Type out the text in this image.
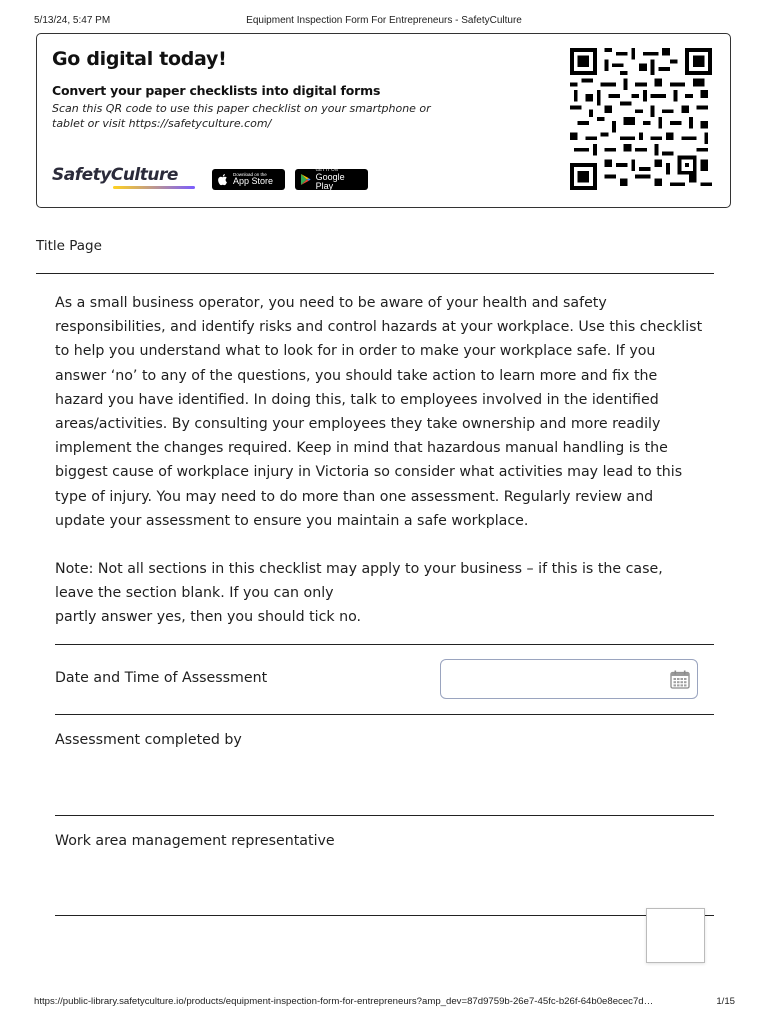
5/13/24, 5:47 PM	Equipment Inspection Form For Entrepreneurs - SafetyCulture
Go digital today!
Convert your paper checklists into digital forms
Scan this QR code to use this paper checklist on your smartphone or tablet or visit https://safetyculture.com/
SafetyCulture	Download on the
App Store
GET IT ON
Google Play
Title Page

As a small business operator, you need to be aware of your health and safety responsibilities, and identify risks and control hazards at your workplace. Use this checklist to help you understand what to look for in order to make your workplace safe. If you answer ‘no’ to any of the questions, you should take action to learn more and fix the hazard you have identified. In doing this, talk to employees involved in the identified areas/activities. By consulting your employees they take ownership and more readily implement the changes required. Keep in mind that hazardous manual handling is the biggest cause of workplace injury in Victoria so consider what activities may lead to this type of injury. You may need to do more than one assessment. Regularly review and update your assessment to ensure you maintain a safe workplace.

Note: Not all sections in this checklist may apply to your business – if this is the case,
leave the section blank. If you can only
partly answer yes, then you should tick no.
Date and Time of Assessment
Assessment completed by
Work area management representative
https://public-library.safetyculture.io/products/equipment-inspection-form-for-entrepreneurs?amp_dev=87d9759b-26e7-45fc-b26f-64b0e8ecec7d…	1/15
